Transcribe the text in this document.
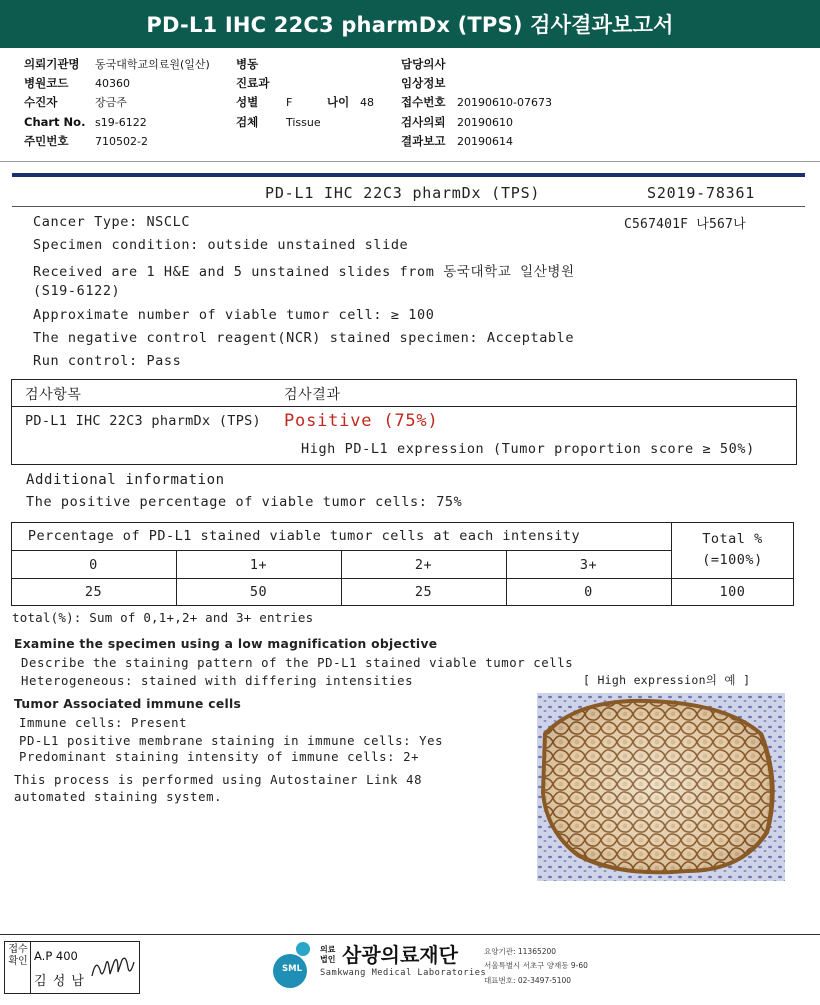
PD-L1 IHC 22C3 pharmDx (TPS) 검사결과보고서
의뢰기관명 동국대학교의료원(일산)
병원코드 40360
수진자	장금주
Chart No. s19-6122
주민번호 710502-2
병동
진료과
성별	F	나이 48
검체	Tissue
담당의사
임상정보
접수번호 20190610-07673
검사의뢰 20190610
결과보고 20190614
PD-L1 IHC 22C3 pharmDx (TPS)	S2019-78361
C567401F 나567나
Cancer Type: NSCLC
Specimen condition: outside unstained slide
Received are 1 H&E and 5 unstained slides from 동국대학교 일산병원
(S19-6122)
Approximate number of viable tumor cell: ≥ 100
The negative control reagent(NCR) stained specimen: Acceptable
Run control: Pass
검사항목	검사결과
PD-L1 IHC 22C3 pharmDx (TPS) Positive (75%)
High PD-L1 expression (Tumor proportion score ≥ 50%)
Additional information
The positive percentage of viable tumor cells: 75%
Percentage of PD-L1 stained viable tumor cells at each intensity	Total %
(=100%)
0	1+	2+	3+
25	50	25	0	100
total(%): Sum of 0,1+,2+ and 3+ entries
Examine the specimen using a low magnification objective
Describe the staining pattern of the PD-L1 stained viable tumor cells
Heterogeneous: stained with differing intensities
Tumor Associated immune cells
Immune cells: Present
PD-L1 positive membrane staining in immune cells: Yes
Predominant staining intensity of immune cells: 2+
This process is performed using Autostainer Link 48
automated staining system.
[ High expression의 예 ]
접수확인 A.P 400
김 성 남
SML
의료
법인 삼광의료재단
Samkwang Medical Laboratories
요양기관: 11365200
서울특별시 서초구 양재동 9-60
대표번호: 02-3497-5100
